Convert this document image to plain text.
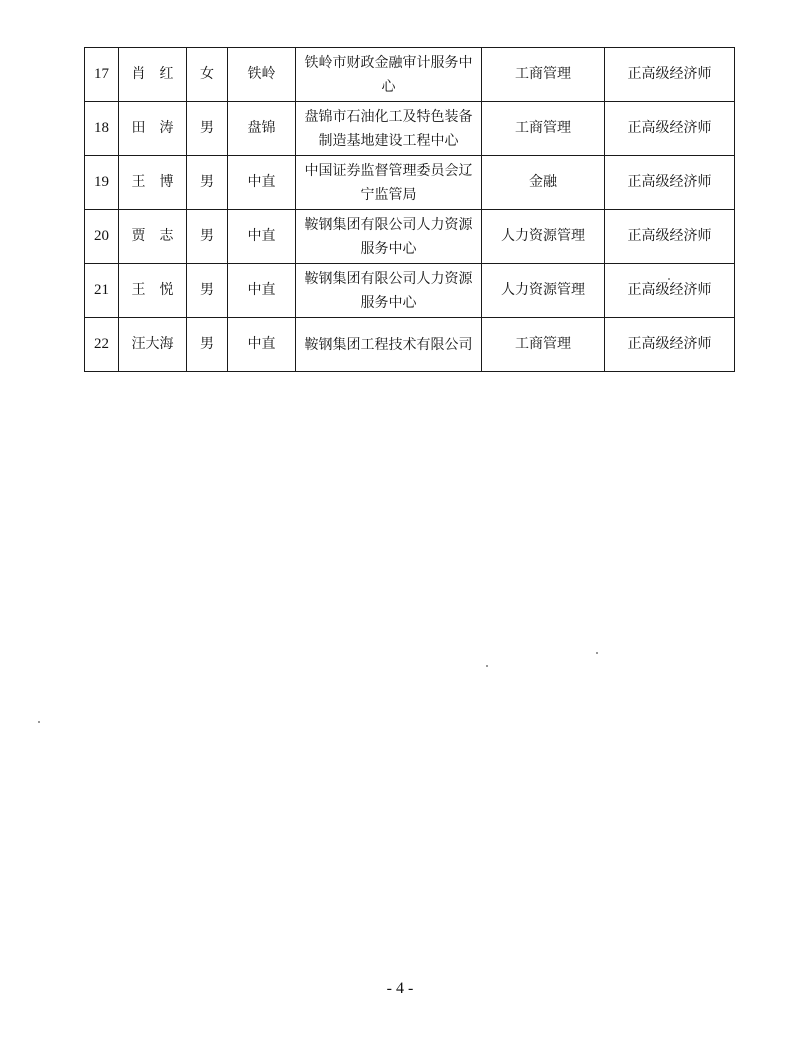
17	肖　红	女	铁岭	铁岭市财政金融审计服务中心	工商管理	正高级经济师
18	田　涛	男	盘锦	盘锦市石油化工及特色装备制造基地建设工程中心	工商管理	正高级经济师
19	王　博	男	中直	中国证券监督管理委员会辽宁监管局	金融	正高级经济师
20	贾　志	男	中直	鞍钢集团有限公司人力资源服务中心	人力资源管理	正高级经济师
21	王　悦	男	中直	鞍钢集团有限公司人力资源服务中心	人力资源管理	正高级经济师
22	汪大海	男	中直	鞍钢集团工程技术有限公司	工商管理	正高级经济师
- 4 -
